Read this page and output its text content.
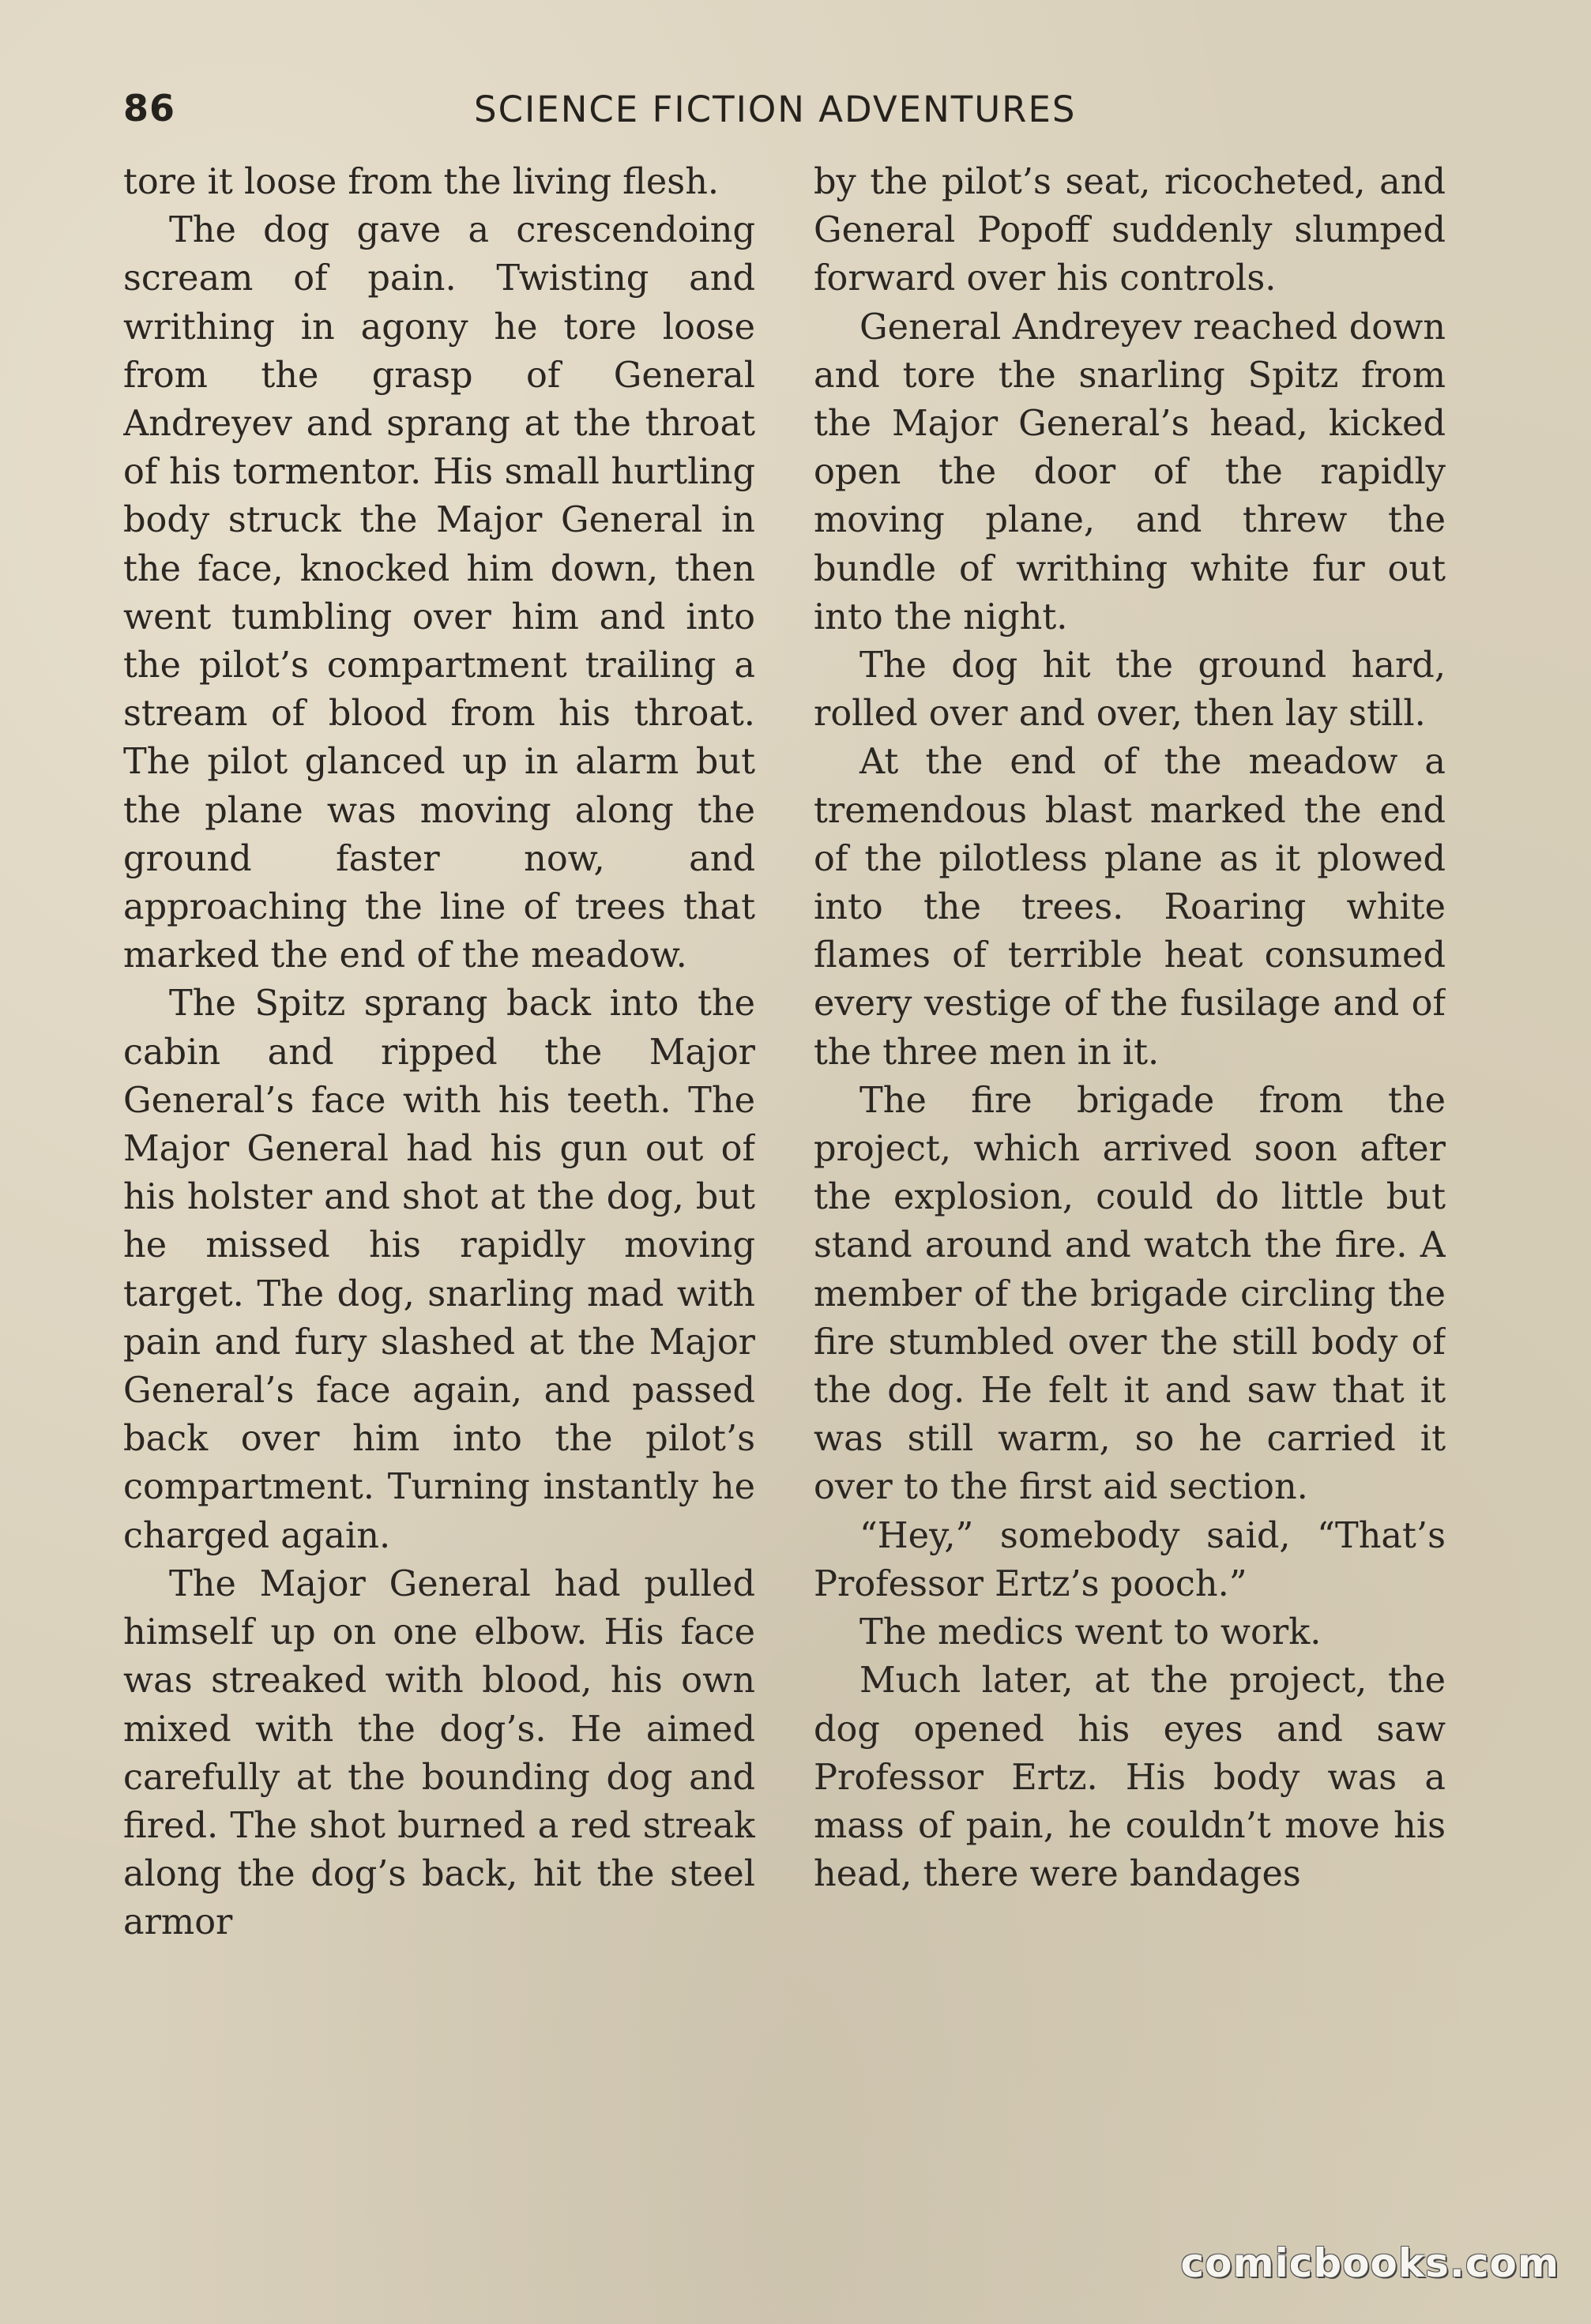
86	SCIENCE FICTION ADVENTURES

tore it loose from the living flesh.

The dog gave a crescendoing scream of pain. Twisting and writhing in agony he tore loose from the grasp of General Andreyev and sprang at the throat of his tormentor. His small hurtling body struck the Major General in the face, knocked him down, then went tumbling over him and into the pilot’s compartment trailing a stream of blood from his throat. The pilot glanced up in alarm but the plane was moving along the ground faster now, and approaching the line of trees that marked the end of the meadow.

The Spitz sprang back into the cabin and ripped the Major General’s face with his teeth. The Major General had his gun out of his holster and shot at the dog, but he missed his rapidly moving target. The dog, snarling mad with pain and fury slashed at the Major General’s face again, and passed back over him into the pilot’s compartment. Turning instantly he charged again.

The Major General had pulled himself up on one elbow. His face was streaked with blood, his own mixed with the dog’s. He aimed carefully at the bounding dog and fired. The shot burned a red streak along the dog’s back, hit the steel armor

by the pilot’s seat, ricocheted, and General Popoff suddenly slumped forward over his controls.

General Andreyev reached down and tore the snarling Spitz from the Major General’s head, kicked open the door of the rapidly moving plane, and threw the bundle of writhing white fur out into the night.

The dog hit the ground hard, rolled over and over, then lay still.

At the end of the meadow a tremendous blast marked the end of the pilotless plane as it plowed into the trees. Roaring white flames of terrible heat consumed every vestige of the fusilage and of the three men in it.

The fire brigade from the project, which arrived soon after the explosion, could do little but stand around and watch the fire. A member of the brigade circling the fire stumbled over the still body of the dog. He felt it and saw that it was still warm, so he carried it over to the first aid section.

“Hey,” somebody said, “That’s Professor Ertz’s pooch.”

The medics went to work.

Much later, at the project, the dog opened his eyes and saw Professor Ertz. His body was a mass of pain, he couldn’t move his head, there were bandages

comicbooks.com
